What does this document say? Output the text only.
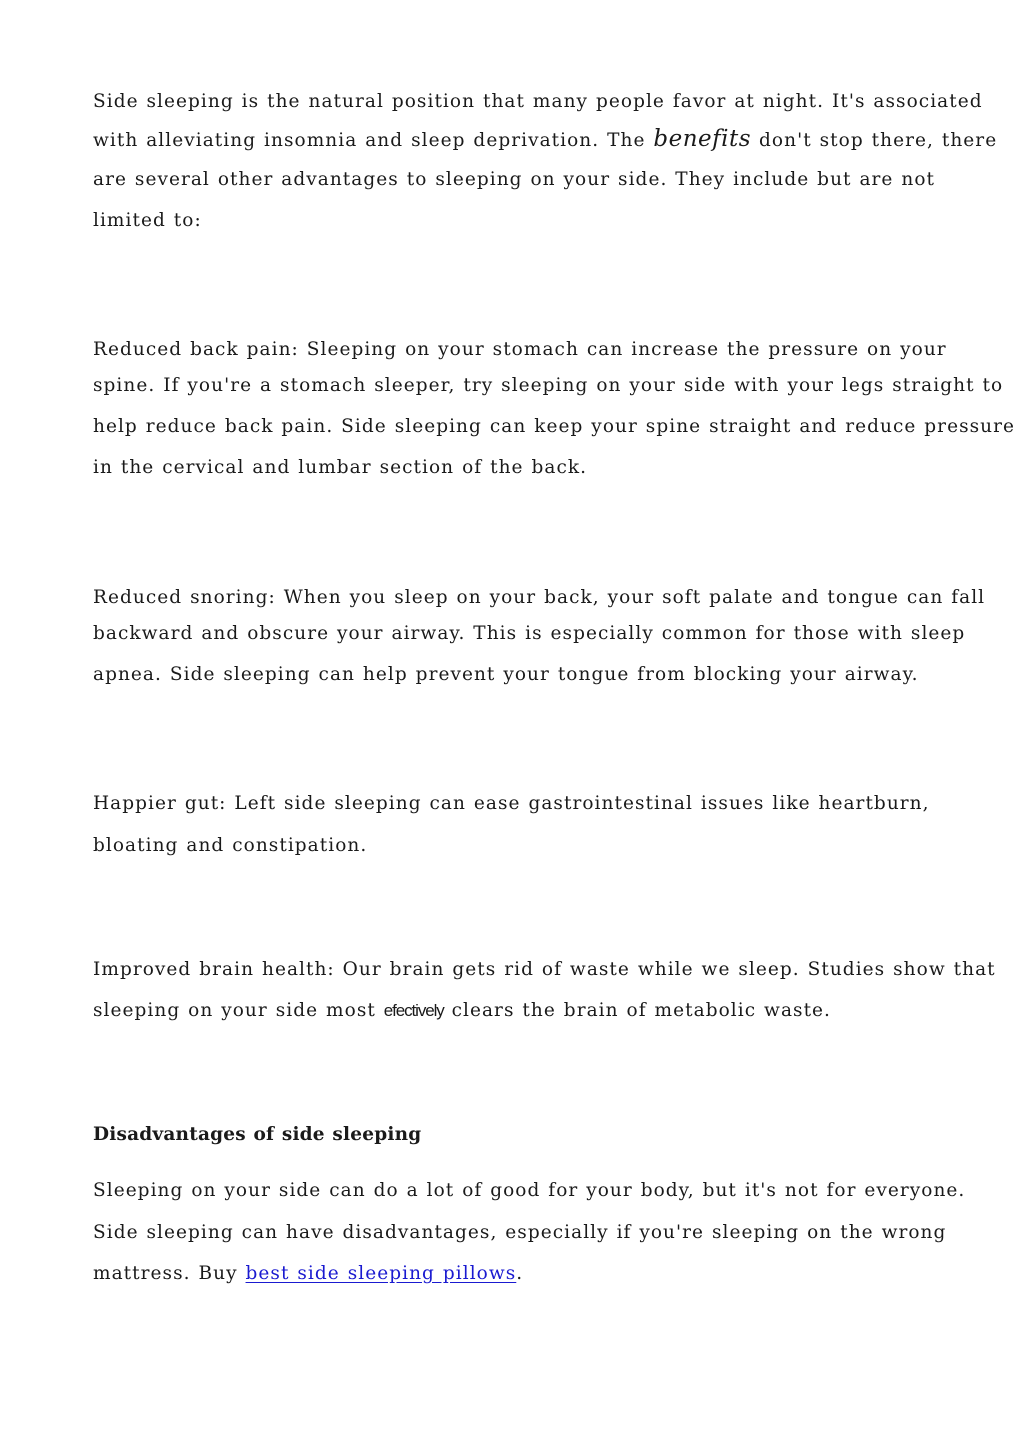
Side sleeping is the natural position that many people favor at night. It's associated
with alleviating insomnia and sleep deprivation. The benefits don't stop there, there
are several other advantages to sleeping on your side. They include but are not
limited to:
Reduced back pain: Sleeping on your stomach can increase the pressure on your
spine. If you're a stomach sleeper, try sleeping on your side with your legs straight to
help reduce back pain. Side sleeping can keep your spine straight and reduce pressure
in the cervical and lumbar section of the back.
Reduced snoring: When you sleep on your back, your soft palate and tongue can fall
backward and obscure your airway. This is especially common for those with sleep
apnea. Side sleeping can help prevent your tongue from blocking your airway.
Happier gut: Left side sleeping can ease gastrointestinal issues like heartburn,
bloating and constipation.
Improved brain health: Our brain gets rid of waste while we sleep. Studies show that
sleeping on your side most efectively clears the brain of metabolic waste.
Disadvantages of side sleeping
Sleeping on your side can do a lot of good for your body, but it's not for everyone.
Side sleeping can have disadvantages, especially if you're sleeping on the wrong
mattress. Buy best side sleeping pillows.
